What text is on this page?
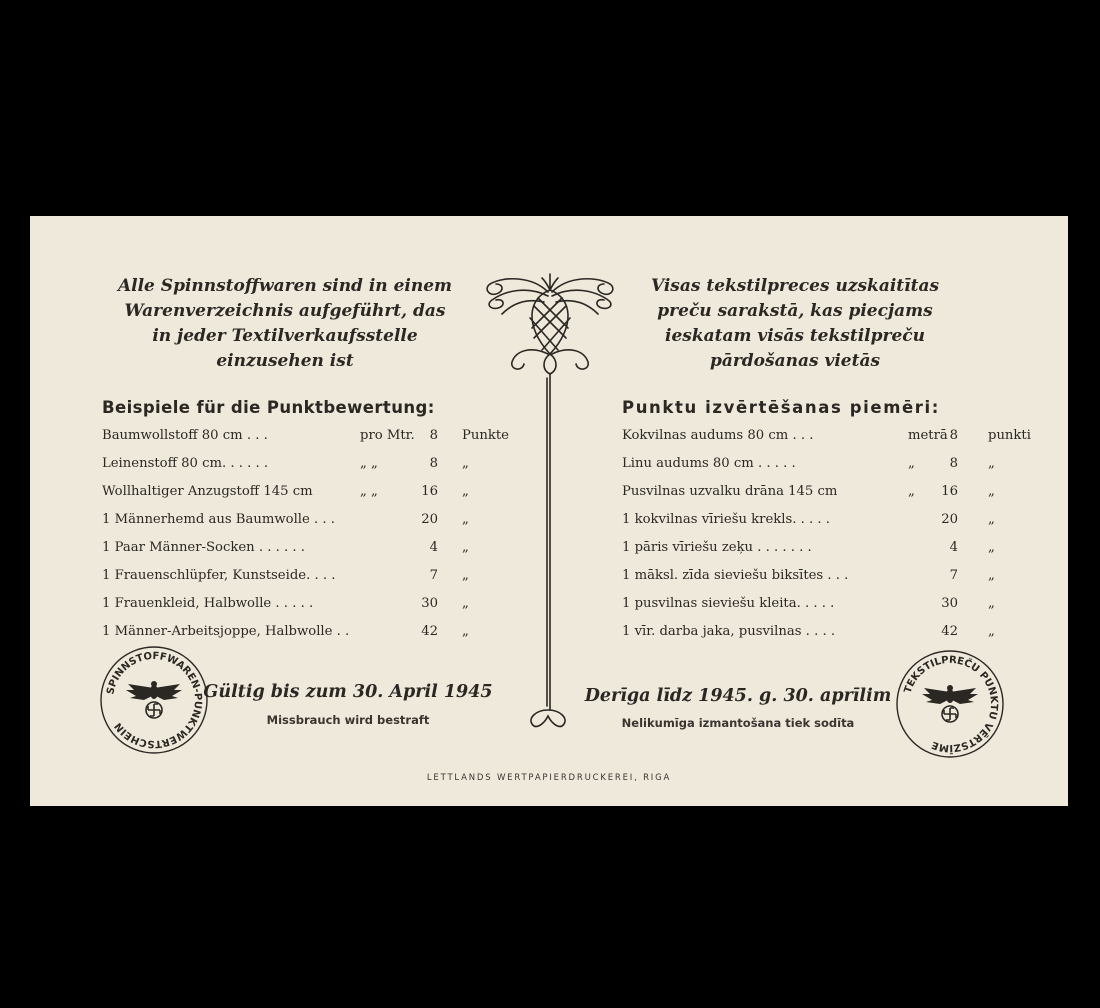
Alle Spinnstoffwaren sind in einem
Warenverzeichnis aufgeführt, das
in jeder Textilverkaufsstelle
einzusehen ist
Visas tekstilpreces uzskaitītas
preču sarakstā, kas piecjams
ieskatam visās tekstilpreču
pārdošanas vietās
Beispiele für die Punktbewertung:	Punktu izvērtēšanas piemēri:
Baumwollstoff 80 cm . . .	pro Mtr.	8 Punkte
Leinenstoff 80 cm. . . . . .	„ „	8 „
Wollhaltiger Anzugstoff 145 cm	„ „	16 „
1 Männerhemd aus Baumwolle . . .	20 „
1 Paar Männer-Socken . . . . . .	4 „
1 Frauenschlüpfer, Kunstseide. . . .	7 „
1 Frauenkleid, Halbwolle . . . . .	30 „
1 Männer-Arbeitsjoppe, Halbwolle . .	42 „
Kokvilnas audums 80 cm . . .	metrā 8 punkti
Linu audums 80 cm . . . . .	„	8 „
Pusvilnas uzvalku drāna 145 cm	„	16 „
1 kokvilnas vīriešu krekls. . . . .	20 „
1 pāris vīriešu zeķu . . . . . . .	4 „
1 māksl. zīda sieviešu biksītes . . .	7 „
1 pusvilnas sieviešu kleita. . . . .	30 „
1 vīr. darba jaka, pusvilnas . . . .	42 „
SPINNSTOFFWAREN-PUNKTWERTSCHEIN
TEKSTILPREČU PUNKTU VĒRTSZĪME
Gültig bis zum 30. April 1945
Missbrauch wird bestraft
Derīga līdz 1945. g. 30. aprīlim
Nelikumīga izmantošana tiek sodīta
LETTLANDS WERTPAPIERDRUCKEREI, RIGA
